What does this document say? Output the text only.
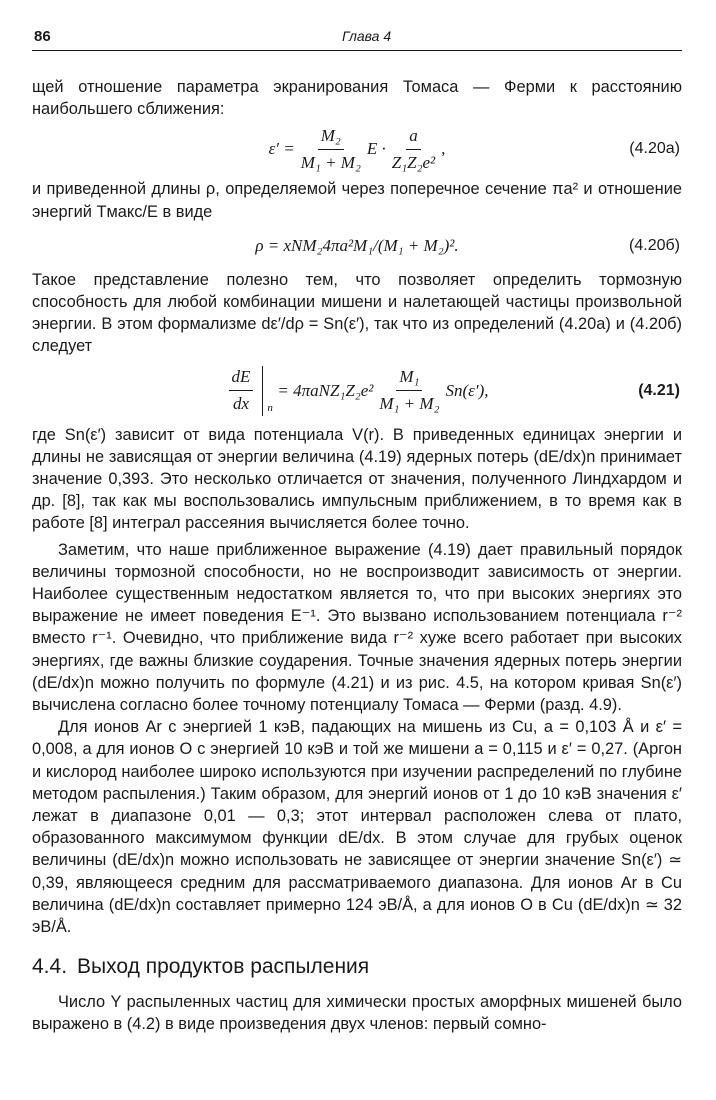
86	Глава 4

щей отношение параметра экранирования Томаса — Ферми к расстоянию наибольшего сближения:

$\varepsilon' = \frac{\text{M₂}}{\text{M₁ + M₂}}$ $E \cdot \frac{a}{\text{Z₁Z₂e²}}$ ,	(4.20а)

и приведенной длины ρ, определяемой через поперечное сечение πa² и отношение энергий Tмакс/E в виде

ρ = xNM₂4πa²M₁/(M₁ + M₂)².	(4.20б)

Такое представление полезно тем, что позволяет определить тормозную способность для любой комбинации мишени и налетающей частицы произвольной энергии. В этом формализме dε′/dρ = Sn(ε′), так что из определений (4.20а) и (4.20б) следует

$\frac{dE}{dx}$ n
= $4\pi aNZ_1Z_2e^2 \frac{\text{M₁}}{\text{M₁ + M₂}} Sn(\varepsilon')$,	(4.21)

где Sn(ε′) зависит от вида потенциала V(r). В приведенных единицах энергии и длины не зависящая от энергии величина (4.19) ядерных потерь (dE/dx)n принимает значение 0,393. Это несколько отличается от значения, полученного Линдхардом и др. [8], так как мы воспользовались импульсным приближением, в то время как в работе [8] интеграл рассеяния вычисляется более точно.

Заметим, что наше приближенное выражение (4.19) дает правильный порядок величины тормозной способности, но не воспроизводит зависимость от энергии. Наиболее существенным недостатком является то, что при высоких энергиях это выражение не имеет поведения E⁻¹. Это вызвано использованием потенциала r⁻² вместо r⁻¹. Очевидно, что приближение вида r⁻² хуже всего работает при высоких энергиях, где важны близкие соударения. Точные значения ядерных потерь энергии (dE/dx)n можно получить по формуле (4.21) и из рис. 4.5, на котором кривая Sn(ε′) вычислена согласно более точному потенциалу Томаса — Ферми (разд. 4.9).

Для ионов Ar с энергией 1 кэВ, падающих на мишень из Cu, a = 0,103 Å и ε′ = 0,008, а для ионов O с энергией 10 кэВ и той же мишени a = 0,115 и ε′ = 0,27. (Аргон и кислород наиболее широко используются при изучении распределений по глубине методом распыления.) Таким образом, для энергий ионов от 1 до 10 кэВ значения ε′ лежат в диапазоне 0,01 — 0,3; этот интервал расположен слева от плато, образованного максимумом функции dE/dx. В этом случае для грубых оценок величины (dE/dx)n можно использовать не зависящее от энергии значение Sn(ε′) ≃ 0,39, являющееся средним для рассматриваемого диапазона. Для ионов Ar в Cu величина (dE/dx)n составляет примерно 124 эВ/Å, а для ионов O в Cu (dE/dx)n ≃ 32 эВ/Å.

4.4. Выход продуктов распыления

Число Y распыленных частиц для химически простых аморфных мишеней было выражено в (4.2) в виде произведения двух членов: первый сомно-
